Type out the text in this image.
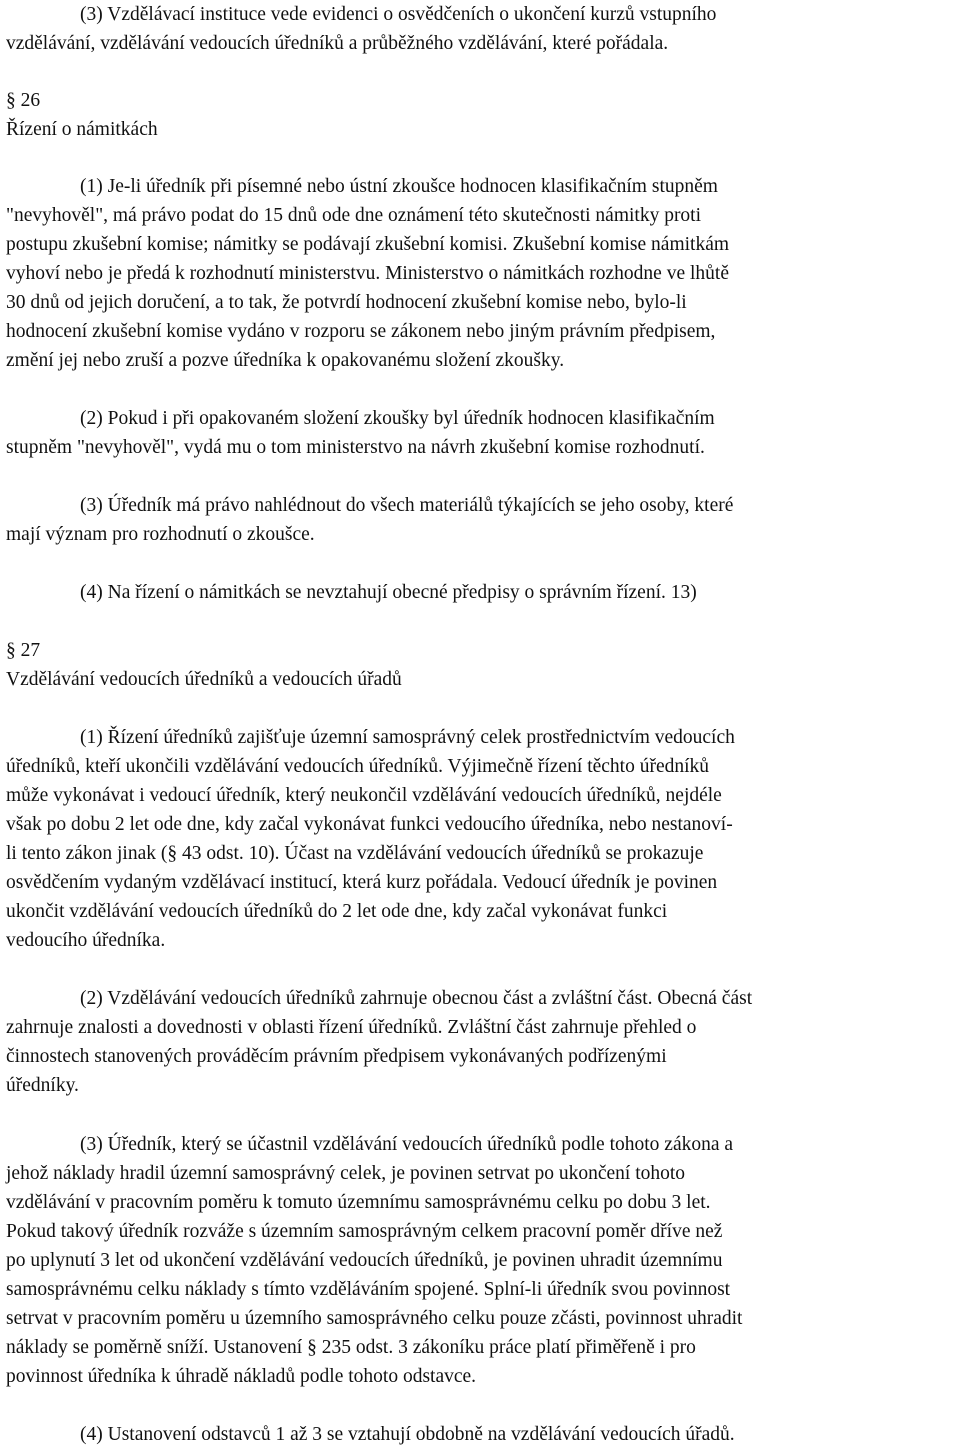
(3) Vzdělávací instituce vede evidenci o osvědčeních o ukončení kurzů vstupního
vzdělávání, vzdělávání vedoucích úředníků a průběžného vzdělávání, které pořádala.
§ 26
Řízení o námitkách
(1) Je-li úředník při písemné nebo ústní zkoušce hodnocen klasifikačním stupněm
"nevyhověl", má právo podat do 15 dnů ode dne oznámení této skutečnosti námitky proti
postupu zkušební komise; námitky se podávají zkušební komisi. Zkušební komise námitkám
vyhoví nebo je předá k rozhodnutí ministerstvu. Ministerstvo o námitkách rozhodne ve lhůtě
30 dnů od jejich doručení, a to tak, že potvrdí hodnocení zkušební komise nebo, bylo-li
hodnocení zkušební komise vydáno v rozporu se zákonem nebo jiným právním předpisem,
změní jej nebo zruší a pozve úředníka k opakovanému složení zkoušky.
(2) Pokud i při opakovaném složení zkoušky byl úředník hodnocen klasifikačním
stupněm "nevyhověl", vydá mu o tom ministerstvo na návrh zkušební komise rozhodnutí.
(3) Úředník má právo nahlédnout do všech materiálů týkajících se jeho osoby, které
mají význam pro rozhodnutí o zkoušce.
(4) Na řízení o námitkách se nevztahují obecné předpisy o správním řízení. 13)
§ 27
Vzdělávání vedoucích úředníků a vedoucích úřadů
(1) Řízení úředníků zajišťuje územní samosprávný celek prostřednictvím vedoucích
úředníků, kteří ukončili vzdělávání vedoucích úředníků. Výjimečně řízení těchto úředníků
může vykonávat i vedoucí úředník, který neukončil vzdělávání vedoucích úředníků, nejdéle
však po dobu 2 let ode dne, kdy začal vykonávat funkci vedoucího úředníka, nebo nestanoví-
li tento zákon jinak (§ 43 odst. 10). Účast na vzdělávání vedoucích úředníků se prokazuje
osvědčením vydaným vzdělávací institucí, která kurz pořádala. Vedoucí úředník je povinen
ukončit vzdělávání vedoucích úředníků do 2 let ode dne, kdy začal vykonávat funkci
vedoucího úředníka.
(2) Vzdělávání vedoucích úředníků zahrnuje obecnou část a zvláštní část. Obecná část
zahrnuje znalosti a dovednosti v oblasti řízení úředníků. Zvláštní část zahrnuje přehled o
činnostech stanovených prováděcím právním předpisem vykonávaných podřízenými
úředníky.
(3) Úředník, který se účastnil vzdělávání vedoucích úředníků podle tohoto zákona a
jehož náklady hradil územní samosprávný celek, je povinen setrvat po ukončení tohoto
vzdělávání v pracovním poměru k tomuto územnímu samosprávnému celku po dobu 3 let.
Pokud takový úředník rozváže s územním samosprávným celkem pracovní poměr dříve než
po uplynutí 3 let od ukončení vzdělávání vedoucích úředníků, je povinen uhradit územnímu
samosprávnému celku náklady s tímto vzděláváním spojené. Splní-li úředník svou povinnost
setrvat v pracovním poměru u územního samosprávného celku pouze zčásti, povinnost uhradit
náklady se poměrně sníží. Ustanovení § 235 odst. 3 zákoníku práce platí přiměřeně i pro
povinnost úředníka k úhradě nákladů podle tohoto odstavce.
(4) Ustanovení odstavců 1 až 3 se vztahují obdobně na vzdělávání vedoucích úřadů.
